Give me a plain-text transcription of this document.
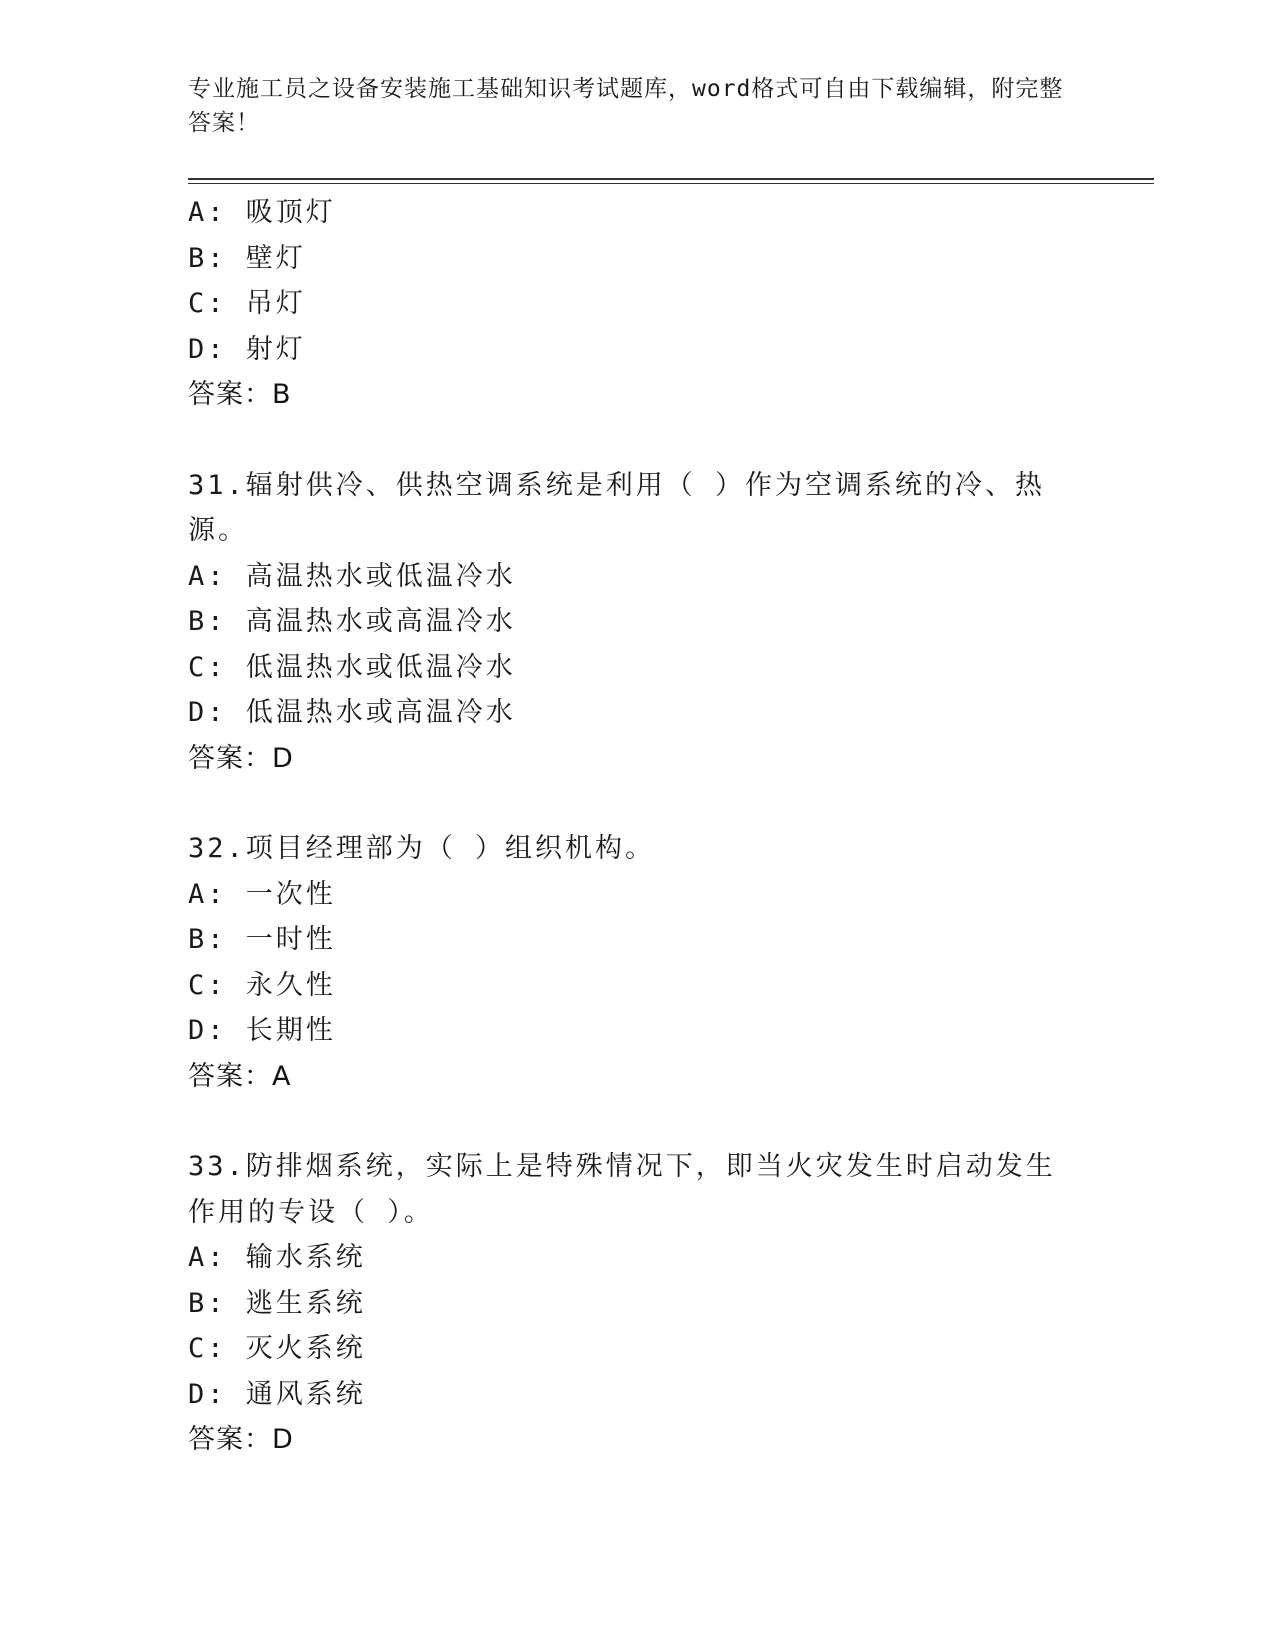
专业施工员之设备安装施工基础知识考试题库，word格式可自由下载编辑，附完整答案！
A: 吸顶灯
B: 壁灯
C: 吊灯
D: 射灯
答案：B
31.辐射供冷、供热空调系统是利用（ ）作为空调系统的冷、热源。
A: 高温热水或低温冷水
B: 高温热水或高温冷水
C: 低温热水或低温冷水
D: 低温热水或高温冷水
答案：D
32.项目经理部为（ ）组织机构。
A: 一次性
B: 一时性
C: 永久性
D: 长期性
答案：A
33.防排烟系统，实际上是特殊情况下，即当火灾发生时启动发生作用的专设（ ）。
A: 输水系统
B: 逃生系统
C: 灭火系统
D: 通风系统
答案：D
